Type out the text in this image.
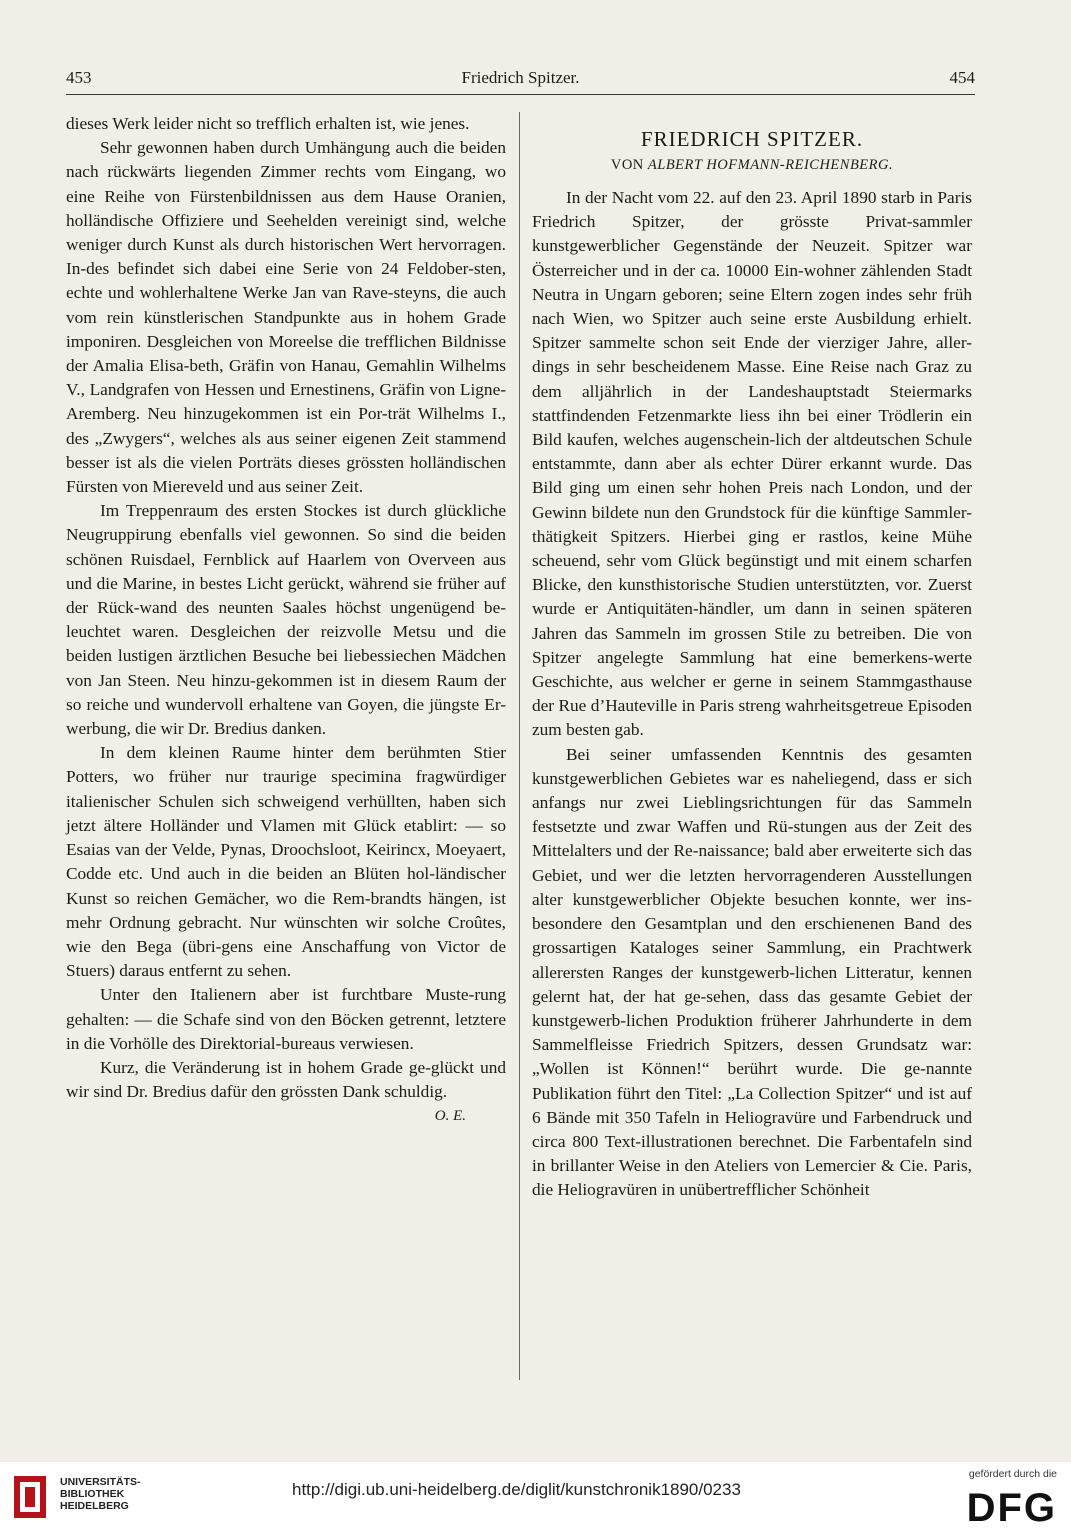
453	Friedrich Spitzer.	454

dieses Werk leider nicht so trefflich erhalten ist, wie jenes.

Sehr gewonnen haben durch Umhängung auch die beiden nach rückwärts liegenden Zimmer rechts vom Eingang, wo eine Reihe von Fürstenbildnissen aus dem Hause Oranien, holländische Offiziere und Seehelden vereinigt sind, welche weniger durch Kunst als durch historischen Wert hervorragen. In-des befindet sich dabei eine Serie von 24 Feldober-sten, echte und wohlerhaltene Werke Jan van Rave-steyns, die auch vom rein künstlerischen Standpunkte aus in hohem Grade imponiren. Desgleichen von Moreelse die trefflichen Bildnisse der Amalia Elisa-beth, Gräfin von Hanau, Gemahlin Wilhelms V., Landgrafen von Hessen und Ernestinens, Gräfin von Ligne-Aremberg. Neu hinzugekommen ist ein Por-trät Wilhelms I., des „Zwygers“, welches als aus seiner eigenen Zeit stammend besser ist als die vielen Porträts dieses grössten holländischen Fürsten von Miereveld und aus seiner Zeit.

Im Treppenraum des ersten Stockes ist durch glückliche Neugruppirung ebenfalls viel gewonnen. So sind die beiden schönen Ruisdael, Fernblick auf Haarlem von Overveen aus und die Marine, in bestes Licht gerückt, während sie früher auf der Rück-wand des neunten Saales höchst ungenügend be-leuchtet waren. Desgleichen der reizvolle Metsu und die beiden lustigen ärztlichen Besuche bei liebessiechen Mädchen von Jan Steen. Neu hinzu-gekommen ist in diesem Raum der so reiche und wundervoll erhaltene van Goyen, die jüngste Er-werbung, die wir Dr. Bredius danken.

In dem kleinen Raume hinter dem berühmten Stier Potters, wo früher nur traurige specimina fragwürdiger italienischer Schulen sich schweigend verhüllten, haben sich jetzt ältere Holländer und Vlamen mit Glück etablirt: — so Esaias van der Velde, Pynas, Droochsloot, Keirincx, Moeyaert, Codde etc. Und auch in die beiden an Blüten hol-ländischer Kunst so reichen Gemächer, wo die Rem-brandts hängen, ist mehr Ordnung gebracht. Nur wünschten wir solche Croûtes, wie den Bega (übri-gens eine Anschaffung von Victor de Stuers) daraus entfernt zu sehen.

Unter den Italienern aber ist furchtbare Muste-rung gehalten: — die Schafe sind von den Böcken getrennt, letztere in die Vorhölle des Direktorial-bureaus verwiesen.

Kurz, die Veränderung ist in hohem Grade ge-glückt und wir sind Dr. Bredius dafür den grössten Dank schuldig.
O. E.

FRIEDRICH SPITZER.
VON ALBERT HOFMANN-REICHENBERG.

In der Nacht vom 22. auf den 23. April 1890 starb in Paris Friedrich Spitzer, der grösste Privat-sammler kunstgewerblicher Gegenstände der Neuzeit. Spitzer war Österreicher und in der ca. 10000 Ein-wohner zählenden Stadt Neutra in Ungarn geboren; seine Eltern zogen indes sehr früh nach Wien, wo Spitzer auch seine erste Ausbildung erhielt. Spitzer sammelte schon seit Ende der vierziger Jahre, aller-dings in sehr bescheidenem Masse. Eine Reise nach Graz zu dem alljährlich in der Landeshauptstadt Steiermarks stattfindenden Fetzenmarkte liess ihn bei einer Trödlerin ein Bild kaufen, welches augenschein-lich der altdeutschen Schule entstammte, dann aber als echter Dürer erkannt wurde. Das Bild ging um einen sehr hohen Preis nach London, und der Gewinn bildete nun den Grundstock für die künftige Sammler-thätigkeit Spitzers. Hierbei ging er rastlos, keine Mühe scheuend, sehr vom Glück begünstigt und mit einem scharfen Blicke, den kunsthistorische Studien unterstützten, vor. Zuerst wurde er Antiquitäten-händler, um dann in seinen späteren Jahren das Sammeln im grossen Stile zu betreiben. Die von Spitzer angelegte Sammlung hat eine bemerkens-werte Geschichte, aus welcher er gerne in seinem Stammgasthause der Rue d’Hauteville in Paris streng wahrheitsgetreue Episoden zum besten gab.

Bei seiner umfassenden Kenntnis des gesamten kunstgewerblichen Gebietes war es naheliegend, dass er sich anfangs nur zwei Lieblingsrichtungen für das Sammeln festsetzte und zwar Waffen und Rü-stungen aus der Zeit des Mittelalters und der Re-naissance; bald aber erweiterte sich das Gebiet, und wer die letzten hervorragenderen Ausstellungen alter kunstgewerblicher Objekte besuchen konnte, wer ins-besondere den Gesamtplan und den erschienenen Band des grossartigen Kataloges seiner Sammlung, ein Prachtwerk allerersten Ranges der kunstgewerb-lichen Litteratur, kennen gelernt hat, der hat ge-sehen, dass das gesamte Gebiet der kunstgewerb-lichen Produktion früherer Jahrhunderte in dem Sammelfleisse Friedrich Spitzers, dessen Grundsatz war: „Wollen ist Können!“ berührt wurde. Die ge-nannte Publikation führt den Titel: „La Collection Spitzer“ und ist auf 6 Bände mit 350 Tafeln in Heliogravüre und Farbendruck und circa 800 Text-illustrationen berechnet. Die Farbentafeln sind in brillanter Weise in den Ateliers von Lemercier & Cie. Paris, die Heliogravüren in unübertrefflicher Schönheit

UNIVERSITÄTS-
BIBLIOTHEK
HEIDELBERG
http://digi.ub.uni-heidelberg.de/diglit/kunstchronik1890/0233
gefördert durch die
DFG
